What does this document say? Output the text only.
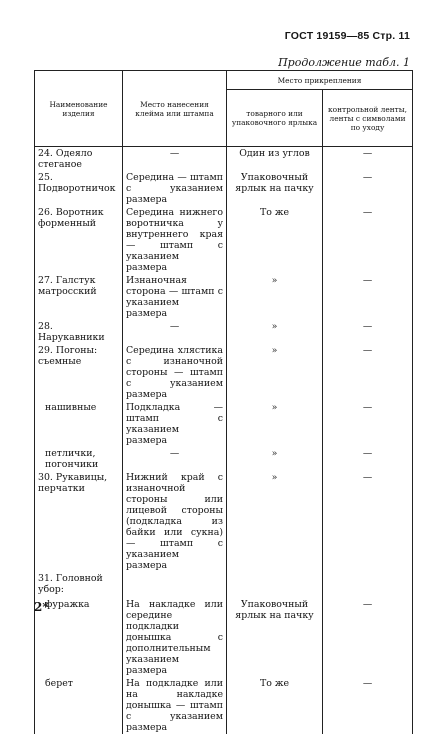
ГОСТ 19159—85 Стр. 11
Продолжение табл. 1
Наименование изделия	Место нанесения клейма или штампа	Место прикрепления	
		товарного или упаковочного ярлыка	контрольной ленты, ленты с символами по уходу
24. Одеяло стеганое	—	Один из углов	—
25. Подворотничок	Середина — штамп с указанием размера	Упаковочный ярлык на пачку	—
26. Воротник форменный	Середина нижнего воротничка у внутреннего края — штамп с указанием размера	То же	—
27. Галстук матросский	Изнаночная сторона — штамп с указанием размера	»	—
28. Нарукавники	—	»	—
29. Погоны: съемные	Середина хлястика с изнаночной стороны — штамп с указанием размера	»	—
нашивные	Подкладка — штамп с указанием размера	»	—
петлички, погончики	—	»	—
30. Рукавицы, перчатки	Нижний край с изнаночной стороны или лицевой стороны (подкладка из байки или сукна) — штамп с указанием размера	»	—
31. Головной убор:			
фуражка	На накладке или середине подкладки донышка с дополнительным указанием размера	Упаковочный ярлык на пачку	—
берет	На подкладке или на накладке донышка — штамп с указанием размера	То же	—
2*
